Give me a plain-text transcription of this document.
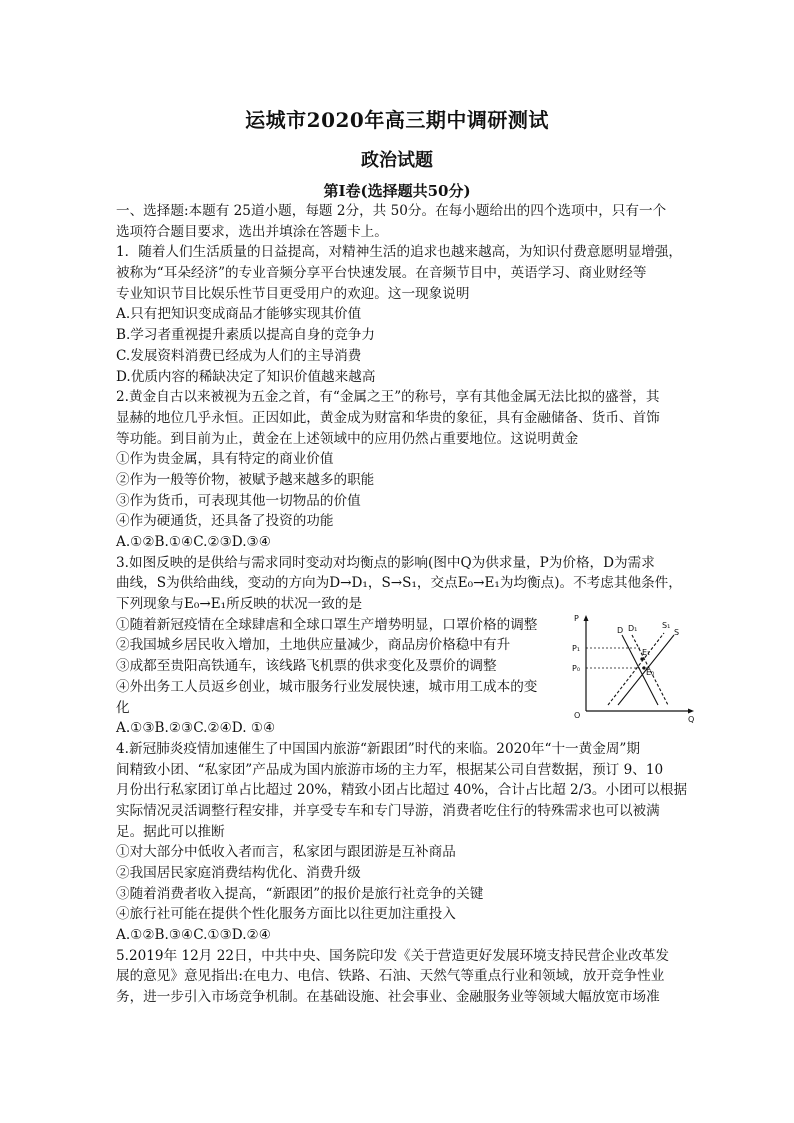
运城市2020年高三期中调研测试
政治试题
第I卷(选择题共50分)
一、选择题:本题有 25道小题，每题 2分，共 50分。在每小题给出的四个选项中，只有一个
选项符合题目要求，选出并填涂在答题卡上。
1．随着人们生活质量的日益提高，对精神生活的追求也越来越高，为知识付费意愿明显增强，
被称为“耳朵经济”的专业音频分享平台快速发展。在音频节目中，英语学习、商业财经等
专业知识节目比娱乐性节目更受用户的欢迎。这一现象说明
A.只有把知识变成商品才能够实现其价值
B.学习者重视提升素质以提高自身的竞争力
C.发展资料消费已经成为人们的主导消费
D.优质内容的稀缺决定了知识价值越来越高
2.黄金自古以来被视为五金之首，有“金属之王”的称号，享有其他金属无法比拟的盛誉，其
显赫的地位几乎永恒。正因如此，黄金成为财富和华贵的象征，具有金融储备、货币、首饰
等功能。到目前为止，黄金在上述领域中的应用仍然占重要地位。这说明黄金
①作为贵金属，具有特定的商业价值
②作为一般等价物，被赋予越来越多的职能
③作为货币，可表现其他一切物品的价值
④作为硬通货，还具备了投资的功能
A.①②B.①④C.②③D.③④
3.如图反映的是供给与需求同时变动对均衡点的影响(图中Q为供求量，P为价格，D为需求
曲线，S为供给曲线，变动的方向为D→D₁，S→S₁，交点E₀→E₁为均衡点)。不考虑其他条件，
下列现象与E₀→E₁所反映的状况一致的是
①随着新冠疫情在全球肆虐和全球口罩生产增势明显，口罩价格的调整
②我国城乡居民收入增加，土地供应量减少，商品房价格稳中有升
③成都至贵阳高铁通车，该线路飞机票的供求变化及票价的调整
④外出务工人员返乡创业，城市服务行业发展快速，城市用工成本的变
化
A.①③B.②③C.②④D. ①④
P
Q
O
P₁
P₀
D D₁	S₁
S
E₁
E₀
4.新冠肺炎疫情加速催生了中国国内旅游“新跟团”时代的来临。2020年“十一黄金周”期
间精致小团、“私家团”产品成为国内旅游市场的主力军，根据某公司自营数据，预订 9、10
月份出行私家团订单占比超过 20%，精致小团占比超过 40%，合计占比超 2/3。小团可以根据
实际情况灵活调整行程安排，并享受专车和专门导游，消费者吃住行的特殊需求也可以被满
足。据此可以推断
①对大部分中低收入者而言，私家团与跟团游是互补商品
②我国居民家庭消费结构优化、消费升级
③随着消费者收入提高，“新跟团”的报价是旅行社竞争的关键
④旅行社可能在提供个性化服务方面比以往更加注重投入
A.①②B.③④C.①③D.②④
5.2019年 12月 22日，中共中央、国务院印发《关于营造更好发展环境支持民营企业改革发
展的意见》意见指出:在电力、电信、铁路、石油、天然气等重点行业和领域，放开竞争性业
务，进一步引入市场竞争机制。在基础设施、社会事业、金融服务业等领域大幅放宽市场准
